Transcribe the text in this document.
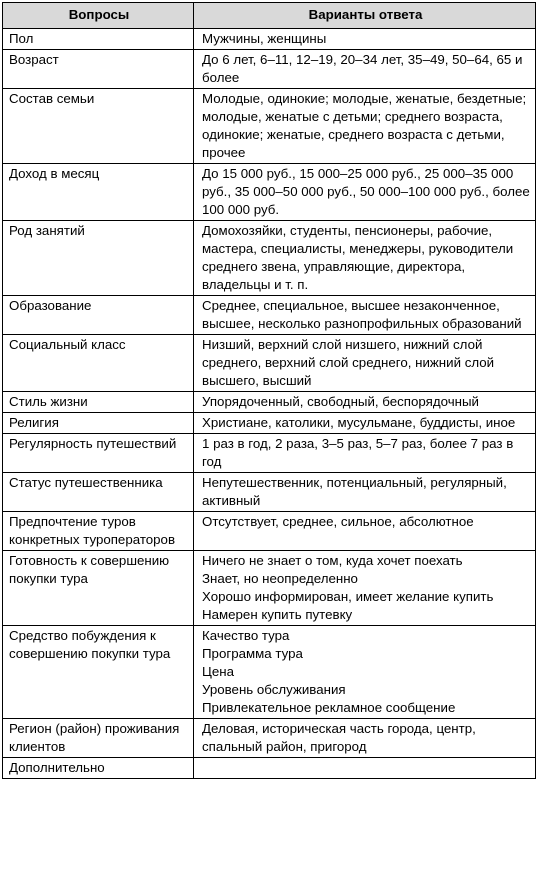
Вопросы	Варианты ответа
Пол	Мужчины, женщины

Возраст	До 6 лет, 6–11, 12–19, 20–34 лет, 35–49, 50–64, 65 и более

Состав семьи	Молодые, одинокие; молодые, женатые, бездетные; молодые, женатые с детьми; среднего возраста, одинокие; женатые, среднего возраста с детьми, прочее

Доход в месяц	До 15 000 руб., 15 000–25 000 руб., 25 000–35 000 руб., 35 000–50 000 руб., 50 000–100 000 руб., более 100 000 руб.

Род занятий	Домохозяйки, студенты, пенсионеры, рабочие, мастера, специалисты, менеджеры, руководители среднего звена, управляющие, директора, владельцы и т. п.

Образование	Среднее, специальное, высшее незаконченное, высшее, несколько разнопрофильных образований

Социальный класс	Низший, верхний слой низшего, нижний слой среднего, верхний слой среднего, нижний слой высшего, высший

Стиль жизни	Упорядоченный, свободный, беспорядочный

Религия	Христиане, католики, мусульмане, буддисты, иное

Регулярность путешествий	1 раз в год, 2 раза, 3–5 раз, 5–7 раз, более 7 раз в год

Статус путешественника	Непутешественник, потенциальный, регулярный, активный

Предпочтение туров конкретных туроператоров	Отсутствует, среднее, сильное, абсолютное

Готовность к совершению покупки тура	Ничего не знает о том, куда хочет поехать
Знает, но неопределенно
Хорошо информирован, имеет желание купить
Намерен купить путевку

Средство побуждения к совершению покупки тура	Качество тура
Программа тура
Цена
Уровень обслуживания
Привлекательное рекламное сообщение

Регион (район) проживания клиентов	Деловая, историческая часть города, центр, спальный район, пригород

Дополнительно	
